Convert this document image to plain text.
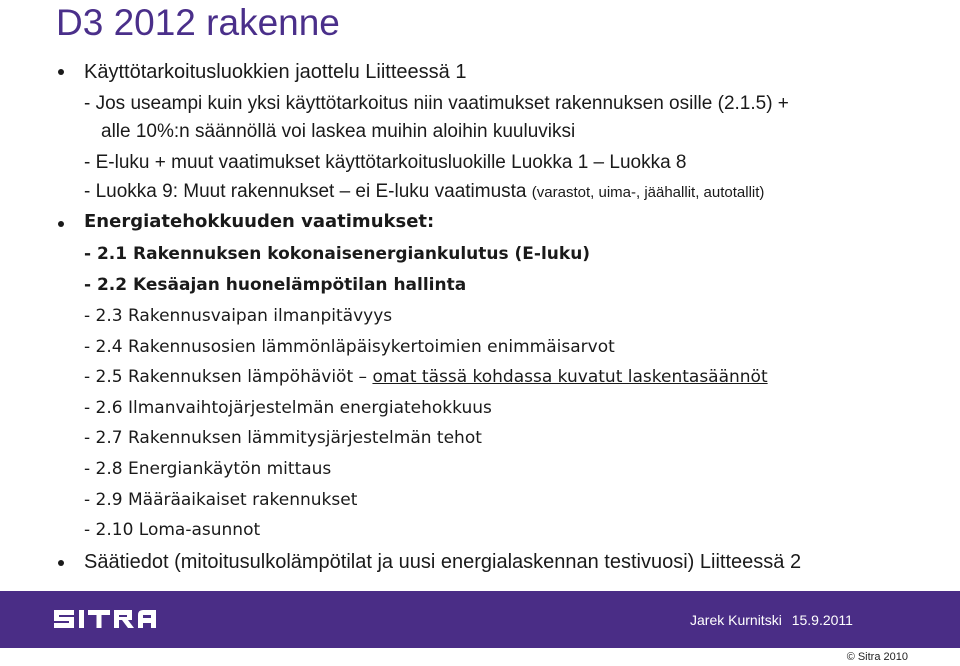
D3 2012 rakenne
Käyttötarkoitusluokkien jaottelu Liitteessä 1
- Jos useampi kuin yksi käyttötarkoitus niin vaatimukset rakennuksen osille (2.1.5) +
alle 10%:n säännöllä voi laskea muihin aloihin kuuluviksi
- E-luku + muut vaatimukset käyttötarkoitusluokille Luokka 1 – Luokka 8
- Luokka 9: Muut rakennukset – ei E-luku vaatimusta (varastot, uima-, jäähallit, autotallit)
Energiatehokkuuden vaatimukset:
- 2.1 Rakennuksen kokonaisenergiankulutus (E-luku)
- 2.2 Kesäajan huonelämpötilan hallinta
- 2.3 Rakennusvaipan ilmanpitävyys
- 2.4 Rakennusosien lämmönläpäisykertoimien enimmäisarvot
- 2.5 Rakennuksen lämpöhäviöt – omat tässä kohdassa kuvatut laskentasäännöt
- 2.6 Ilmanvaihtojärjestelmän energiatehokkuus
- 2.7 Rakennuksen lämmitysjärjestelmän tehot
- 2.8 Energiankäytön mittaus
- 2.9 Määräaikaiset rakennukset
- 2.10 Loma-asunnot
Säätiedot (mitoitusulkolämpötilat ja uusi energialaskennan testivuosi) Liitteessä 2
Jarek Kurnitski 15.9.2011
© Sitra 2010
